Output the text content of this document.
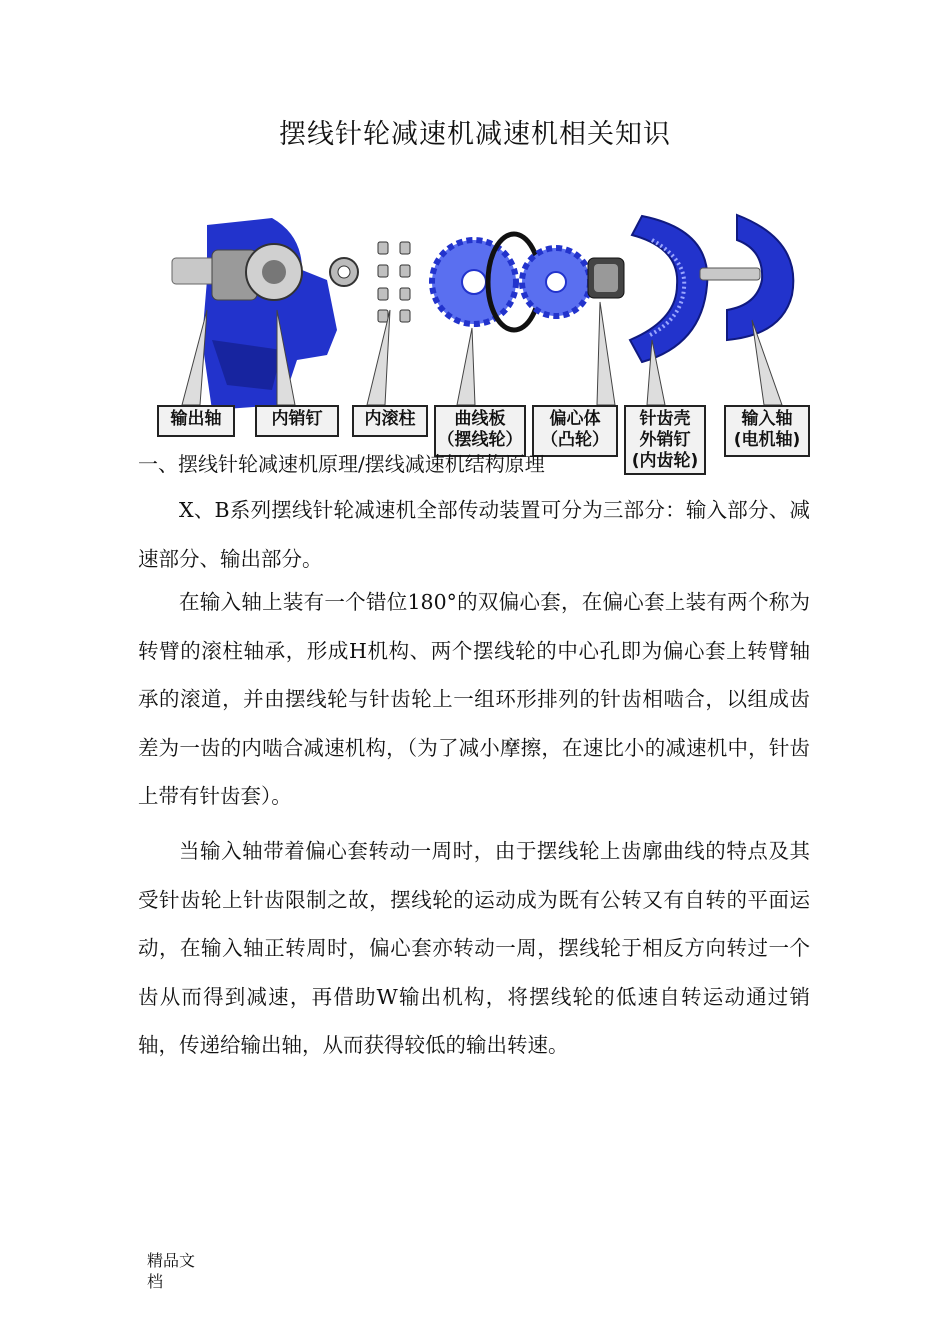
摆线针轮减速机减速机相关知识
输出轴	内销钉	内滚柱	曲线板
（摆线轮）
偏心体
（凸轮）
针齿壳
外销钉
(内齿轮)
输入轴
(电机轴)
一、摆线针轮减速机原理/摆线减速机结构原理
X、B系列摆线针轮减速机全部传动装置可分为三部分：输入部分、减速部分、输出部分。
在输入轴上装有一个错位180°的双偏心套，在偏心套上装有两个称为转臂的滚柱轴承，形成H机构、两个摆线轮的中心孔即为偏心套上转臂轴承的滚道，并由摆线轮与针齿轮上一组环形排列的针齿相啮合，以组成齿差为一齿的内啮合减速机构，（为了减小摩擦，在速比小的减速机中，针齿上带有针齿套）。
当输入轴带着偏心套转动一周时，由于摆线轮上齿廓曲线的特点及其受针齿轮上针齿限制之故，摆线轮的运动成为既有公转又有自转的平面运动，在输入轴正转周时，偏心套亦转动一周，摆线轮于相反方向转过一个齿从而得到减速，再借助W输出机构，将摆线轮的低速自转运动通过销轴，传递给输出轴，从而获得较低的输出转速。
精品文档
